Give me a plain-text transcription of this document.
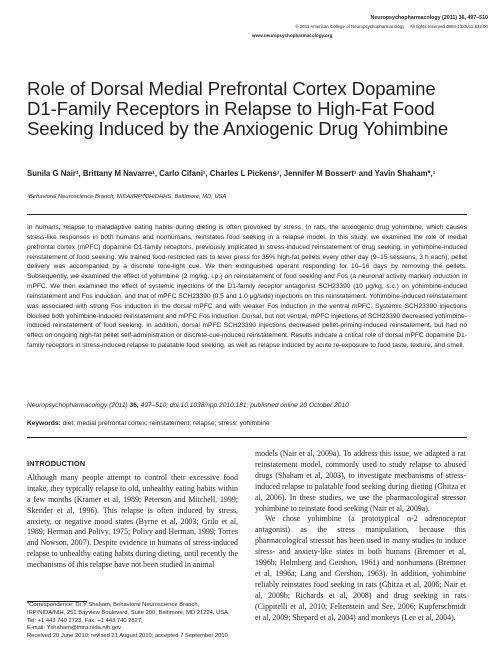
Neuropsychopharmacology (2011) 36, 497–510
© 2011 American College of Neuropsychopharmacology All rights reserved 0893-133X/11 $32.00
www.neuropsychopharmacology.org
Role of Dorsal Medial Prefrontal Cortex Dopamine D1-Family Receptors in Relapse to High-Fat Food Seeking Induced by the Anxiogenic Drug Yohimbine
Sunila G Nair¹, Brittany M Navarre¹, Carlo Cifani¹, Charles L Pickens¹, Jennifer M Bossert¹ and Yavin Shaham*,¹
¹Behavioral Neuroscience Branch, NIDA/IRP/NIH/DHHS, Baltimore, MD, USA
In humans, relapse to maladaptive eating habits during dieting is often provoked by stress. In rats, the anxiogenic drug yohimbine, which causes stress-like responses in both humans and nonhumans, reinstates food seeking in a relapse model. In this study, we examined the role of medial prefrontal cortex (mPFC) dopamine D1-family receptors, previously implicated in stress-induced reinstatement of drug seeking, in yohimbine-induced reinstatement of food seeking. We trained food-restricted rats to lever press for 35% high-fat pellets every other day (9–15 sessions, 3 h each); pellet delivery was accompanied by a discrete tone-light cue. We then extinguished operant responding for 10–16 days by removing the pellets. Subsequently, we examined the effect of yohimbine (2 mg/kg, i.p.) on reinstatement of food seeking and Fos (a neuronal activity marker) induction in mPFC. We then examined the effect of systemic injections of the D1-family receptor antagonist SCH23390 (10 μg/kg, s.c.) on yohimbine-induced reinstatement and Fos induction, and that of mPFC SCH23390 (0.5 and 1.0 μg/side) injections on this reinstatement. Yohimbine-induced reinstatement was associated with strong Fos induction in the dorsal mPFC and with weaker Fos induction in the ventral mPFC. Systemic SCH23390 injections blocked both yohimbine-induced reinstatement and mPFC Fos induction. Dorsal, but not ventral, mPFC injections of SCH23390 decreased yohimbine-induced reinstatement of food seeking. In addition, dorsal mPFC SCH23390 injections decreased pellet-priming-induced reinstatement, but had no effect on ongoing high-fat pellet self-administration or discrete-cue-induced reinstatement. Results indicate a critical role of dorsal mPFC dopamine D1-family receptors in stress-induced relapse to palatable food seeking, as well as relapse induced by acute re-exposure to food taste, texture, and smell.
Neuropsychopharmacology (2011) 36, 497–510; doi:10.1038/npp.2010.181; published online 20 October 2010
Keywords: diet; medial prefrontal cortex; reinstatement; relapse; stress; yohimbine
INTRODUCTION

Although many people attempt to control their excessive food intake, they typically relapse to old, unhealthy eating habits within a few months (Kramer et al, 1989; Peterson and Mitchell, 1999; Skender et al, 1996). This relapse is often induced by stress, anxiety, or negative mood states (Byrne et al, 2003; Grilo et al, 1989; Herman and Polivy, 1975; Polivy and Herman, 1999; Torres and Nowson, 2007). Despite evidence in humans of stress-induced relapse to unhealthy eating habits during dieting, until recently the mechanisms of this relapse have not been studied in animal

models (Nair et al, 2009a). To address this issue, we adapted a rat reinstatement model, commonly used to study relapse to abused drugs (Shaham et al, 2003), to investigate mechanisms of stress-induced relapse to palatable food seeking during dieting (Ghitza et al, 2006). In these studies, we use the pharmacological stressor yohimbine to reinstate food seeking (Nair et al, 2009a).

We chose yohimbine (a prototypical α-2 adrenoceptor antagonist) as the stress manipulation, because this pharmacological stressor has been used in many studies to induce stress- and anxiety-like states in both humans (Bremner et al, 1996b; Holmberg and Gershon, 1961) and nonhumans (Bremner et al, 1996a; Lang and Gershon, 1963). In addition, yohimbine reliably reinstates food seeking in rats (Ghitza et al, 2006; Nair et al, 2009b; Richards et al, 2008) and drug seeking in rats (Cippitelli et al, 2010; Feltenstein and See, 2006; Kupferschmidt et al, 2009; Shepard et al, 2004) and monkeys (Lee et al, 2004).

*Correspondence: Dr Y Shaham, Behavioral Neuroscience Branch, IRP/NIDA/NIH, 251 Bayview Boulevard, Suite 200, Baltimore, MD 21224, USA, Tel: +1 443 740 2723, Fax: +1 443 740 2827,
E-mail: Yshaham@intra.nida.nih.gov
Received 20 June 2010; revised 21 August 2010; accepted 7 September 2010
